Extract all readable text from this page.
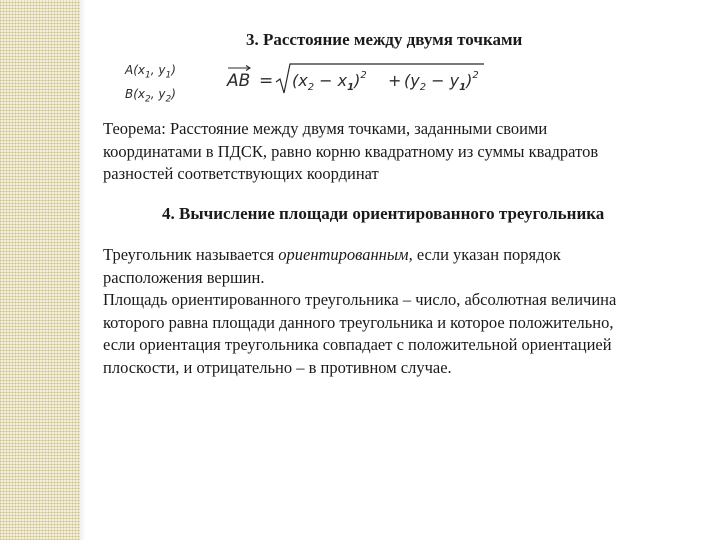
3. Расстояние между двумя точками
$A(x_1$, $y_1$)
$B(x_2$, $y_2$)
AB = $(x_2 - x_1)^2 + (y_2 - y_1)^2$
Теорема: Расстояние между двумя точками, заданными своими
координатами в ПДСК, равно корню квадратному из суммы квадратов
разностей соответствующих координат
4. Вычисление площади ориентированного треугольника
Треугольник называется ориентированным, если указан порядок
расположения вершин.
Площадь ориентированного треугольника – число, абсолютная величина
которого равна площади данного треугольника и которое положительно,
если ориентация треугольника совпадает с положительной ориентацией
плоскости, и отрицательно – в противном случае.
